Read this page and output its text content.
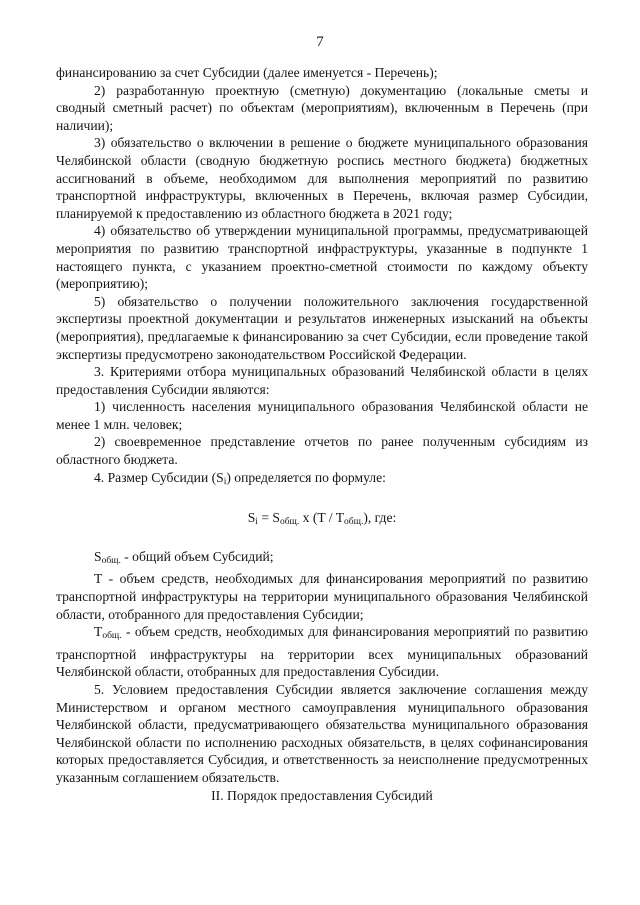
7

финансированию за счет Субсидии (далее именуется - Перечень);

2) разработанную проектную (сметную) документацию (локальные сметы и сводный сметный расчет) по объектам (мероприятиям), включенным в Перечень (при наличии);

3) обязательство о включении в решение о бюджете муниципального образования Челябинской области (сводную бюджетную роспись местного бюджета) бюджетных ассигнований в объеме, необходимом для выполнения мероприятий по развитию транспортной инфраструктуры, включенных в Перечень, включая размер Субсидии, планируемой к предоставлению из областного бюджета в 2021 году;

4) обязательство об утверждении муниципальной программы, предусматривающей мероприятия по развитию транспортной инфраструктуры, указанные в подпункте 1 настоящего пункта, с указанием проектно-сметной стоимости по каждому объекту (мероприятию);

5) обязательство о получении положительного заключения государственной экспертизы проектной документации и результатов инженерных изысканий на объекты (мероприятия), предлагаемые к финансированию за счет Субсидии, если проведение такой экспертизы предусмотрено законодательством Российской Федерации.

3. Критериями отбора муниципальных образований Челябинской области в целях предоставления Субсидии являются:

1) численность населения муниципального образования Челябинской области не менее 1 млн. человек;

2) своевременное представление отчетов по ранее полученным субсидиям из областного бюджета.

4. Размер Субсидии $(S_i)$ определяется по формуле:

$S_i = S_{общ.}$ x $(T / T_{общ.})$, где:

$S_{общ.}$ - общий объем Субсидий;

T - объем средств, необходимых для финансирования мероприятий по развитию транспортной инфраструктуры на территории муниципального образования Челябинской области, отобранного для предоставления Субсидии;

$T_{общ.}$ - объем средств, необходимых для финансирования мероприятий по развитию транспортной инфраструктуры на территории всех муниципальных образований Челябинской области, отобранных для предоставления Субсидии.

5. Условием предоставления Субсидии является заключение соглашения между Министерством и органом местного самоуправления муниципального образования Челябинской области, предусматривающего обязательства муниципального образования Челябинской области по исполнению расходных обязательств, в целях софинансирования которых предоставляется Субсидия, и ответственность за неисполнение предусмотренных указанным соглашением обязательств.

II. Порядок предоставления Субсидий
